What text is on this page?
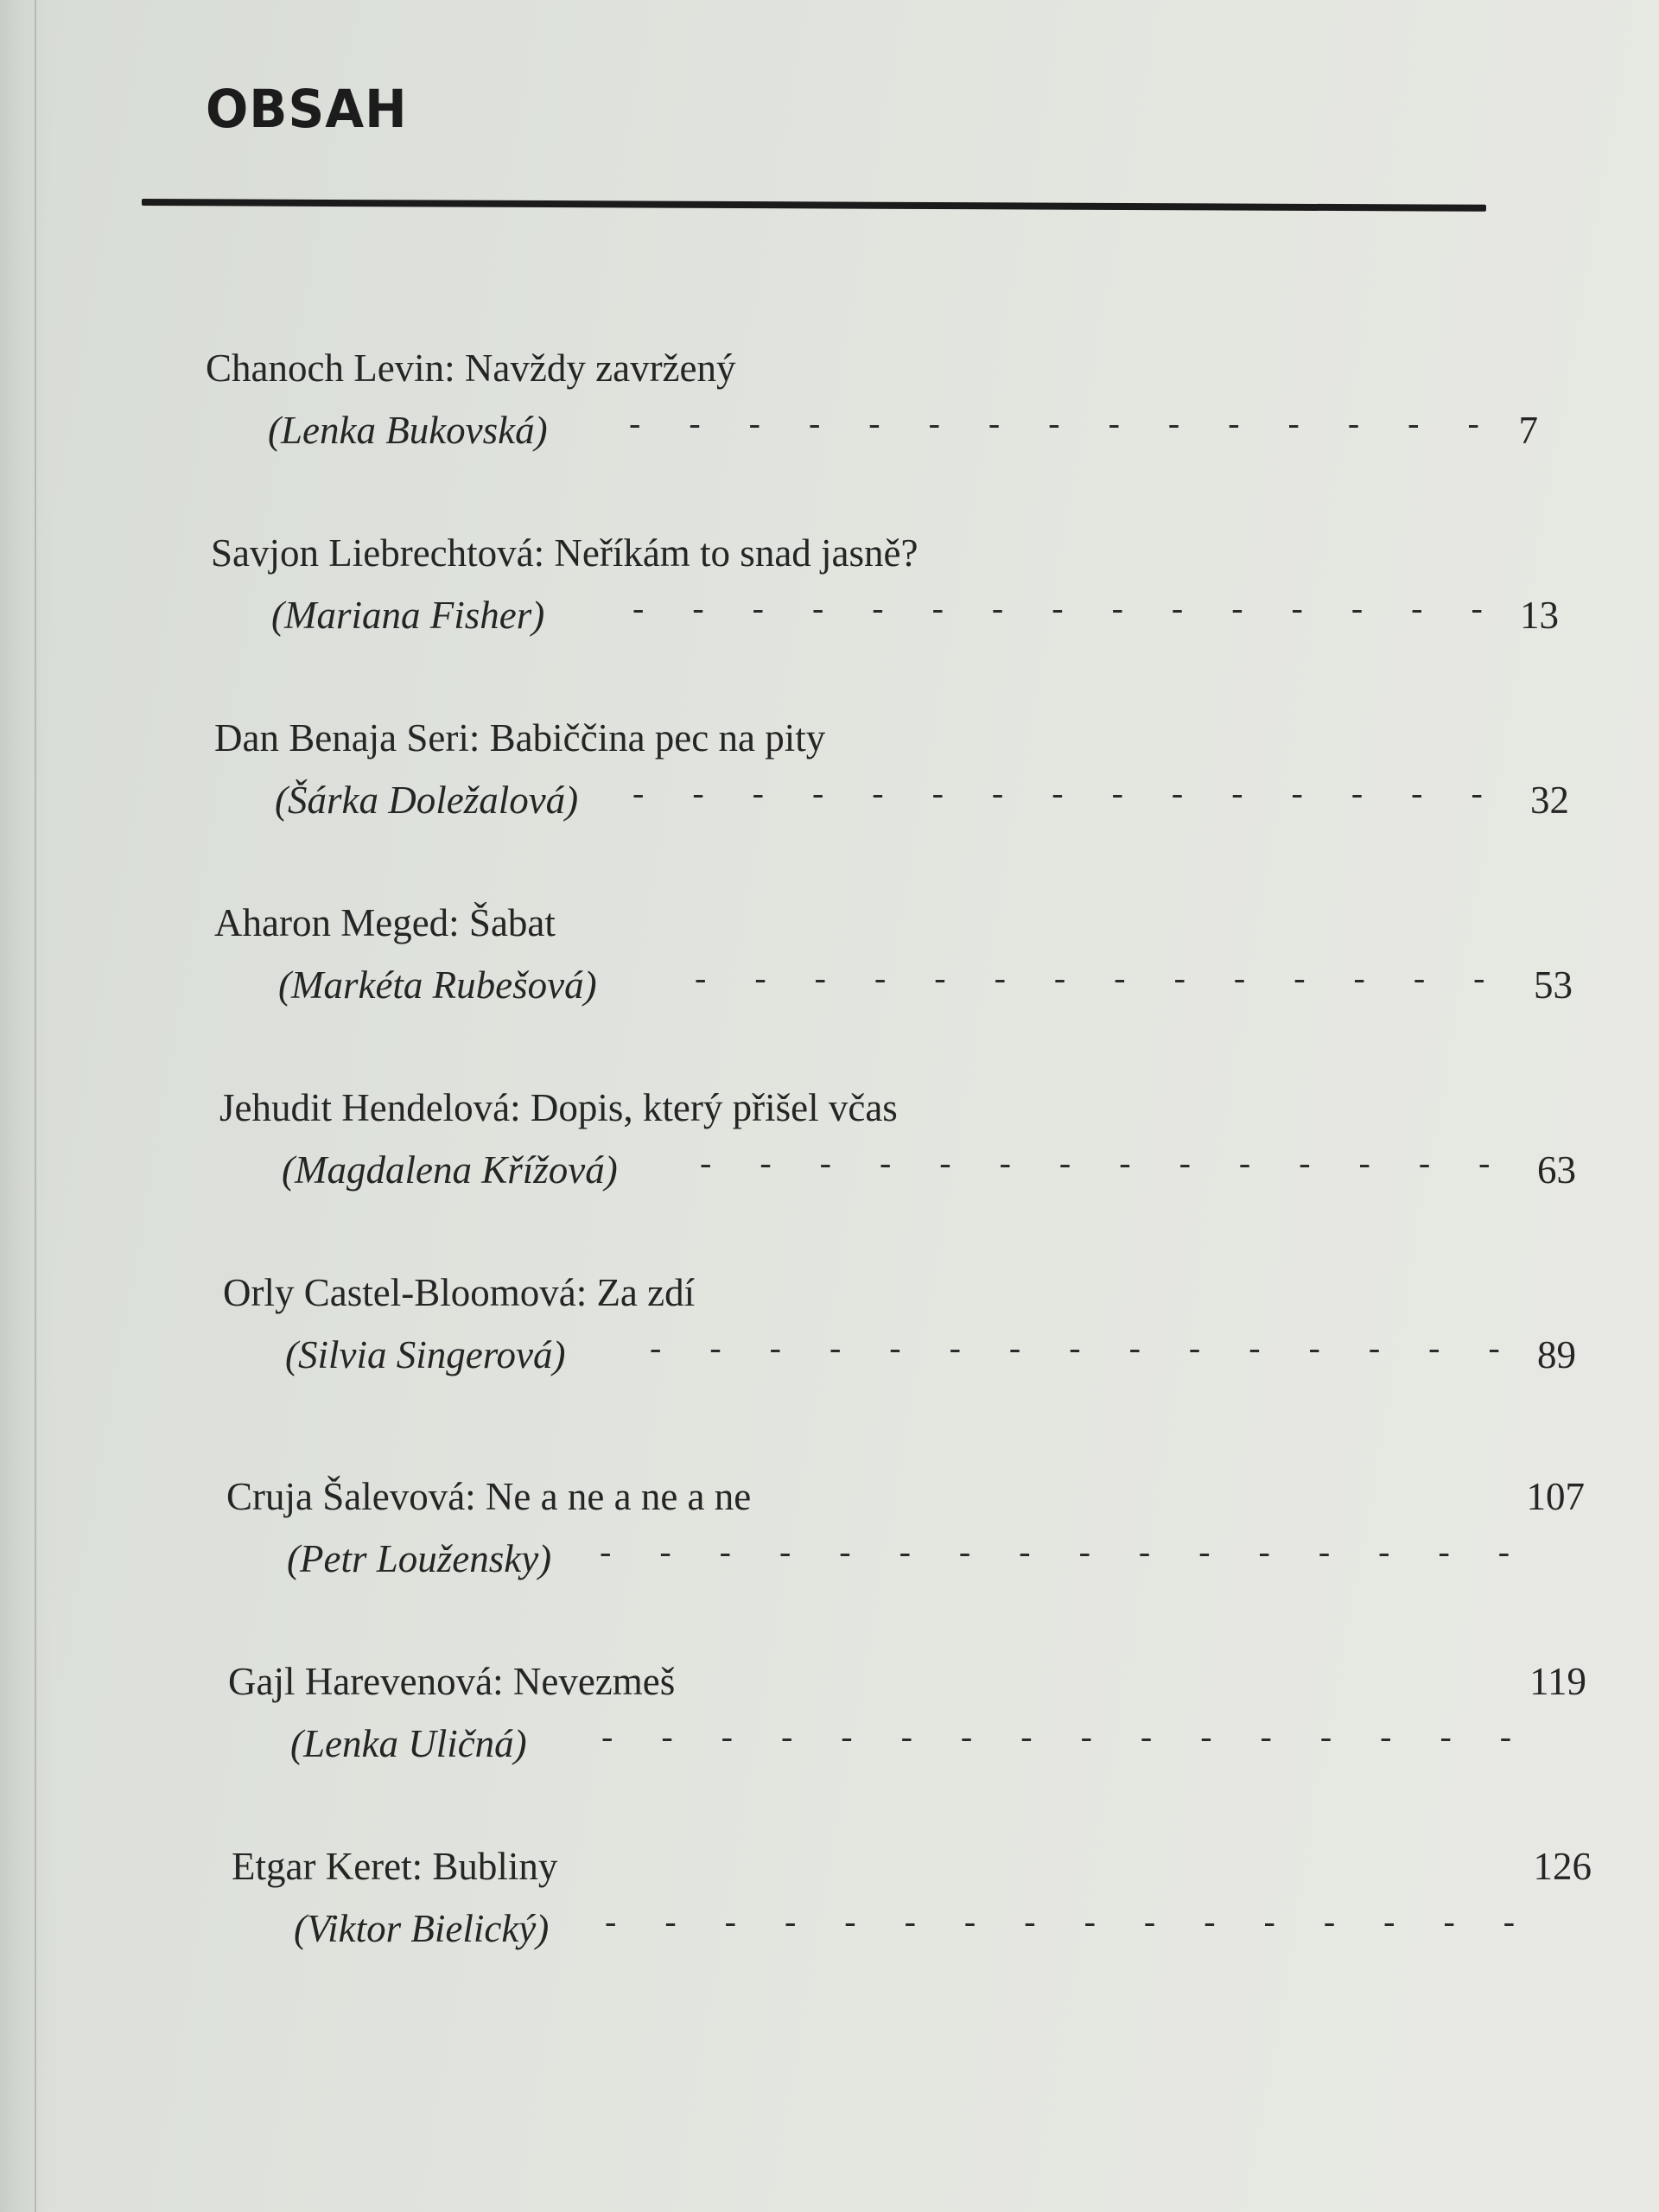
OBSAH
Chanoch Levin: Navždy zavržený
(Lenka Bukovská) - - - - - - - - - - - - - - - 7
Savjon Liebrechtová: Neříkám to snad jasně?
(Mariana Fisher)	- - - - - - - - - - - - - - - 13
Dan Benaja Seri: Babiččina pec na pity
(Šárka Doležalová) - - - - - - - - - - - - - - - 32
Aharon Meged: Šabat
(Markéta Rubešová)	- - - - - - - - - - - - - - 53
Jehudit Hendelová: Dopis, který přišel včas
(Magdalena Křížová) - - - - - - - - - - - - - - 63
Orly Castel-Bloomová: Za zdí
(Silvia Singerová) - - - - - - - - - - - - - - - 89
Cruja Šalevová: Ne a ne a ne a ne
(Petr Loužensky) - - - - - - - - - - - - - - - -
107
Gajl Harevenová: Nevezmeš
(Lenka Uličná) - - - - - - - - - - - - - - - -
119
Etgar Keret: Bubliny
(Viktor Bielický) - - - - - - - - - - - - - - - -
126
